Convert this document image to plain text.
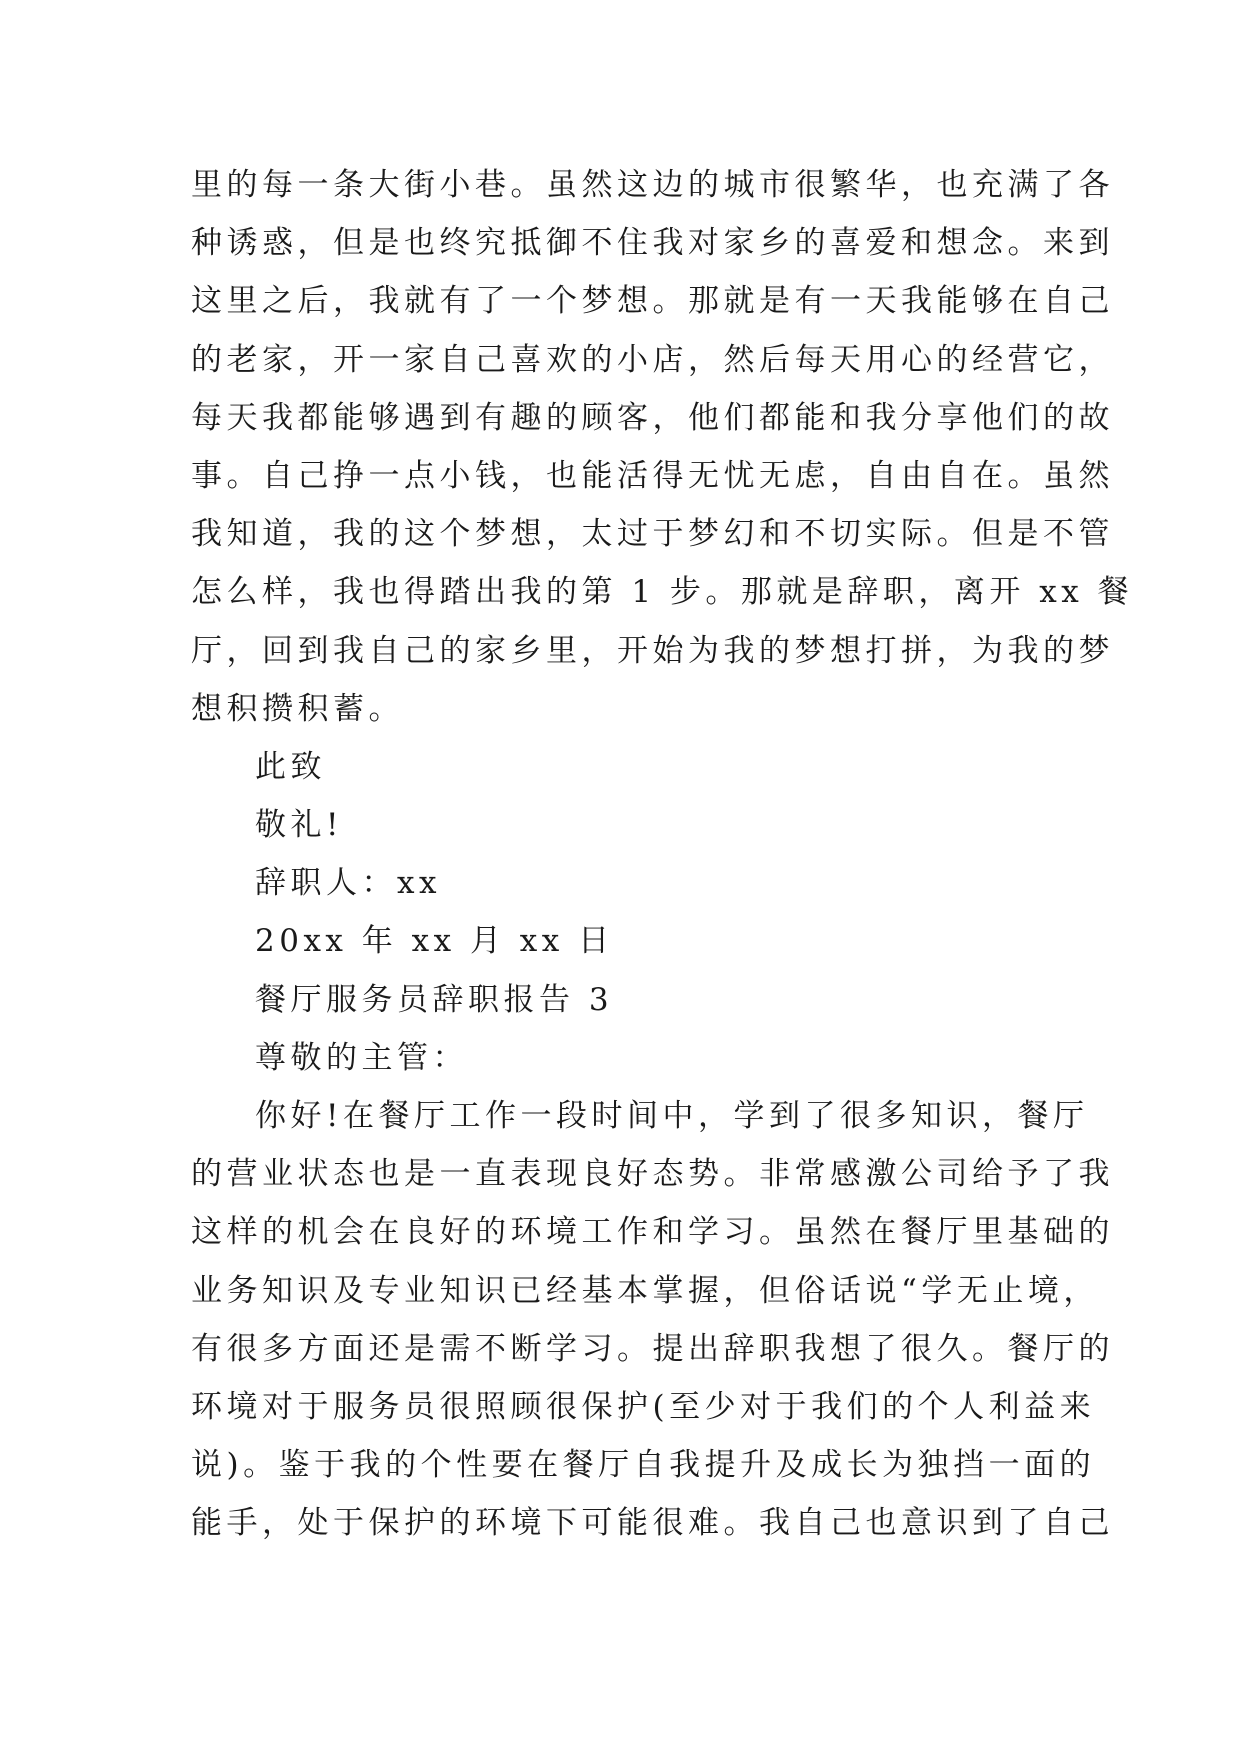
里的每一条大街小巷。虽然这边的城市很繁华，也充满了各
种诱惑，但是也终究抵御不住我对家乡的喜爱和想念。来到
这里之后，我就有了一个梦想。那就是有一天我能够在自己
的老家，开一家自己喜欢的小店，然后每天用心的经营它，
每天我都能够遇到有趣的顾客，他们都能和我分享他们的故
事。自己挣一点小钱，也能活得无忧无虑，自由自在。虽然
我知道，我的这个梦想，太过于梦幻和不切实际。但是不管
怎么样，我也得踏出我的第 1 步。那就是辞职，离开 xx 餐
厅，回到我自己的家乡里，开始为我的梦想打拼，为我的梦
想积攒积蓄。
此致
敬礼!
辞职人：xx
20xx 年 xx 月 xx 日
餐厅服务员辞职报告 3
尊敬的主管：
你好!在餐厅工作一段时间中，学到了很多知识，餐厅
的营业状态也是一直表现良好态势。非常感激公司给予了我
这样的机会在良好的环境工作和学习。虽然在餐厅里基础的
业务知识及专业知识已经基本掌握，但俗话说“学无止境，
有很多方面还是需不断学习。提出辞职我想了很久。餐厅的
环境对于服务员很照顾很保护(至少对于我们的个人利益来
说)。鉴于我的个性要在餐厅自我提升及成长为独挡一面的
能手，处于保护的环境下可能很难。我自己也意识到了自己
